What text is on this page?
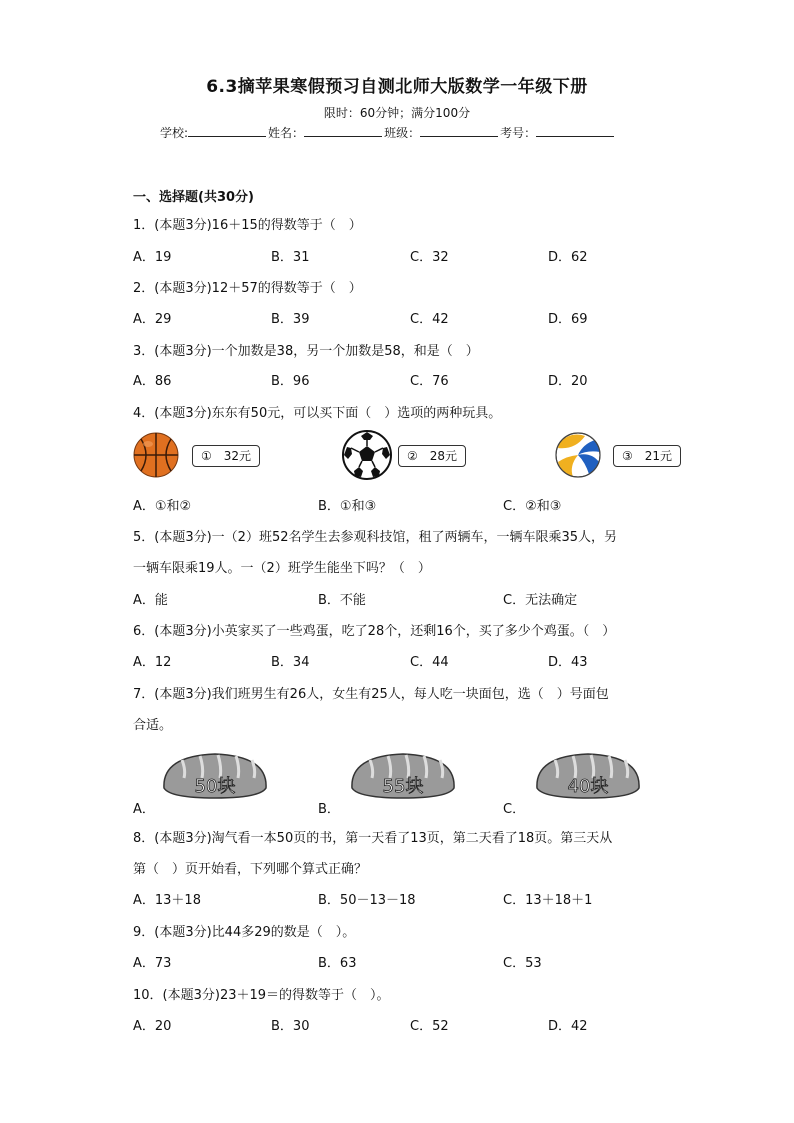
6.3摘苹果寒假预习自测北师大版数学一年级下册
限时：60分钟；满分100分
学校:	姓名：	班级：	考号：
一、选择题(共30分)
1．(本题3分)16＋15的得数等于（　）
A．19	B．31	C．32	D．62
2．(本题3分)12＋57的得数等于（　）
A．29	B．39	C．42	D．69
3．(本题3分)一个加数是38，另一个加数是58，和是（　）
A．86	B．96	C．76	D．20
4．(本题3分)东东有50元，可以买下面（　）选项的两种玩具。
①　32元	②　28元	③　21元
A．①和②	B．①和③	C．②和③
5．(本题3分)一（2）班52名学生去参观科技馆，租了两辆车，一辆车限乘35人，另
一辆车限乘19人。一（2）班学生能坐下吗？（　）
A．能	B．不能	C．无法确定
6．(本题3分)小英家买了一些鸡蛋，吃了28个，还剩16个，买了多少个鸡蛋。（　）
A．12	B．34	C．44	D．43
7．(本题3分)我们班男生有26人，女生有25人，每人吃一块面包，选（　）号面包
合适。
50块	55块	40块
A．	B．	C．
8．(本题3分)淘气看一本50页的书，第一天看了13页，第二天看了18页。第三天从
第（　）页开始看，下列哪个算式正确？
A．13＋18	B．50－13－18	C．13＋18＋1
9．(本题3分)比44多29的数是（　）。
A．73	B．63	C．53
10．(本题3分)23＋19＝的得数等于（　）。
A．20	B．30	C．52	D．42
